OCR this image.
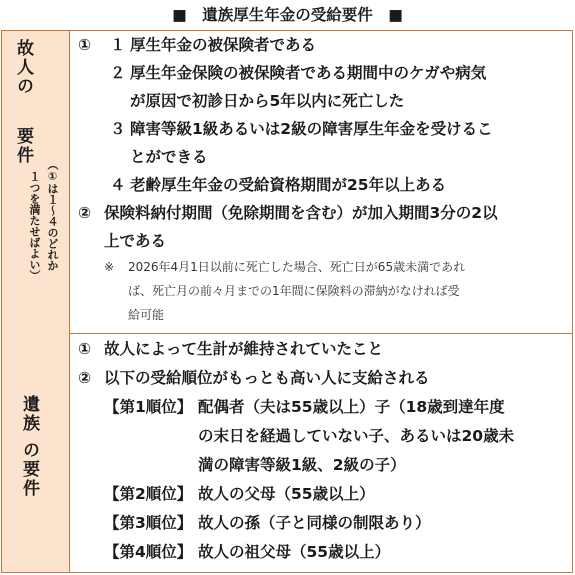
■　遺族厚生年金の受給要件　■
故人の
要件
（①は１〜４のどれか
１つを満たせばよい）
① １ 厚生年金の被保険者である
２ 厚生年金保険の被保険者である期間中のケガや病気
が原因で初診日から5年以内に死亡した
３ 障害等級1級あるいは2級の障害厚生年金を受けるこ
とができる
４ 老齢厚生年金の受給資格期間が25年以上ある
② 保険料納付期間（免除期間を含む）が加入期間3分の2以
上である
※ 2026年4月1日以前に死亡した場合、死亡日が65歳未満であれ
ば、死亡月の前々月までの1年間に保険料の滞納がなければ受
給可能
遺族
の要件
① 故人によって生計が維持されていたこと
② 以下の受給順位がもっとも高い人に支給される
【第1順位】 配偶者（夫は55歳以上）子（18歳到達年度
の末日を経過していない子、あるいは20歳未
満の障害等級1級、2級の子）
【第2順位】 故人の父母（55歳以上）
【第3順位】 故人の孫（子と同様の制限あり）
【第4順位】 故人の祖父母（55歳以上）
